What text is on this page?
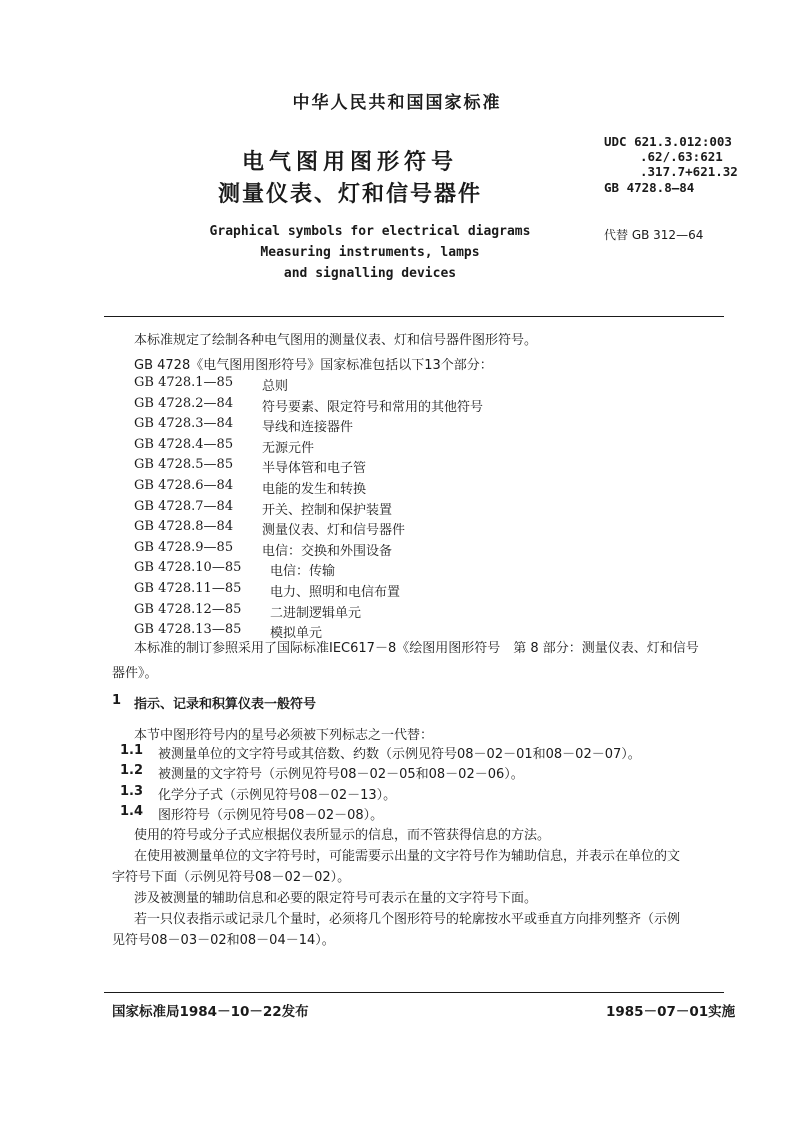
中华人民共和国国家标准
电气图用图形符号
测量仪表、灯和信号器件
Graphical symbols for electrical diagrams
Measuring instruments, lamps
and signalling devices
UDC 621.3.012:003
.62/.63:621
.317.7+621.32
GB 4728.8—84
代替 GB 312—64
本标准规定了绘制各种电气图用的测量仪表、灯和信号器件图形符号。
GB 4728《电气图用图形符号》国家标准包括以下13个部分：
GB 4728.1—85 总则
GB 4728.2—84 符号要素、限定符号和常用的其他符号
GB 4728.3—84 导线和连接器件
GB 4728.4—85 无源元件
GB 4728.5—85 半导体管和电子管
GB 4728.6—84 电能的发生和转换
GB 4728.7—84 开关、控制和保护装置
GB 4728.8—84 测量仪表、灯和信号器件
GB 4728.9—85 电信：交换和外围设备
GB 4728.10—85 电信：传输
GB 4728.11—85 电力、照明和电信布置
GB 4728.12—85 二进制逻辑单元
GB 4728.13—85 模拟单元
本标准的制订参照采用了国际标准IEC617－8《绘图用图形符号　第 8 部分：测量仪表、灯和信号
器件》。
1 指示、记录和积算仪表一般符号
本节中图形符号内的星号必须被下列标志之一代替：
1.1 被测量单位的文字符号或其倍数、约数（示例见符号08－02－01和08－02－07）。
1.2 被测量的文字符号（示例见符号08－02－05和08－02－06）。
1.3 化学分子式（示例见符号08－02－13）。
1.4 图形符号（示例见符号08－02－08）。
使用的符号或分子式应根据仪表所显示的信息，而不管获得信息的方法。
在使用被测量单位的文字符号时，可能需要示出量的文字符号作为辅助信息，并表示在单位的文
字符号下面（示例见符号08－02－02）。
涉及被测量的辅助信息和必要的限定符号可表示在量的文字符号下面。
若一只仪表指示或记录几个量时，必须将几个图形符号的轮廓按水平或垂直方向排列整齐（示例
见符号08－03－02和08－04－14）。
国家标准局1984－10－22发布	1985－07－01实施
